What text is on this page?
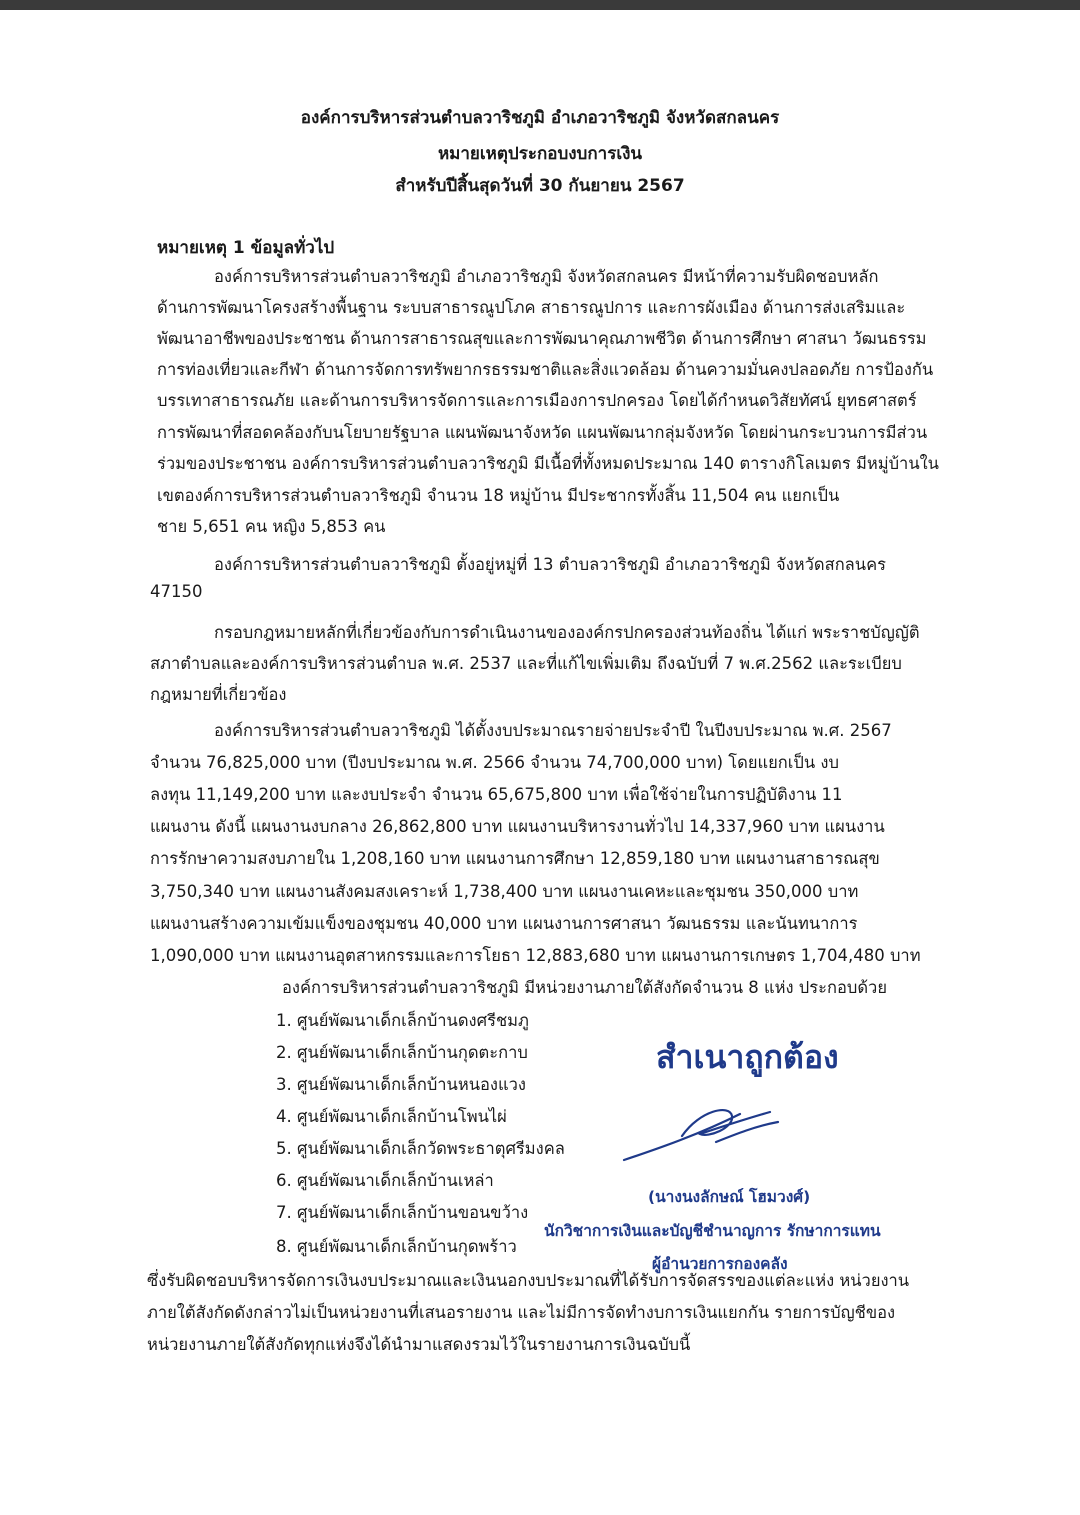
องค์การบริหารส่วนตำบลวาริชภูมิ อำเภอวาริชภูมิ จังหวัดสกลนคร
หมายเหตุประกอบงบการเงิน
สำหรับปีสิ้นสุดวันที่ 30 กันยายน 2567
หมายเหตุ 1 ข้อมูลทั่วไป
องค์การบริหารส่วนตำบลวาริชภูมิ อำเภอวาริชภูมิ จังหวัดสกลนคร มีหน้าที่ความรับผิดชอบหลัก
ด้านการพัฒนาโครงสร้างพื้นฐาน ระบบสาธารณูปโภค สาธารณูปการ และการผังเมือง ด้านการส่งเสริมและ
พัฒนาอาชีพของประชาชน ด้านการสาธารณสุขและการพัฒนาคุณภาพชีวิต ด้านการศึกษา ศาสนา วัฒนธรรม
การท่องเที่ยวและกีฬา ด้านการจัดการทรัพยากรธรรมชาติและสิ่งแวดล้อม ด้านความมั่นคงปลอดภัย การป้องกัน
บรรเทาสาธารณภัย และด้านการบริหารจัดการและการเมืองการปกครอง โดยได้กำหนดวิสัยทัศน์ ยุทธศาสตร์
การพัฒนาที่สอดคล้องกับนโยบายรัฐบาล แผนพัฒนาจังหวัด แผนพัฒนากลุ่มจังหวัด โดยผ่านกระบวนการมีส่วน
ร่วมของประชาชน องค์การบริหารส่วนตำบลวาริชภูมิ มีเนื้อที่ทั้งหมดประมาณ 140 ตารางกิโลเมตร มีหมู่บ้านใน
เขตองค์การบริหารส่วนตำบลวาริชภูมิ จำนวน 18 หมู่บ้าน มีประชากรทั้งสิ้น 11,504 คน แยกเป็น
ชาย 5,651 คน หญิง 5,853 คน
องค์การบริหารส่วนตำบลวาริชภูมิ ตั้งอยู่หมู่ที่ 13 ตำบลวาริชภูมิ อำเภอวาริชภูมิ จังหวัดสกลนคร
47150
กรอบกฎหมายหลักที่เกี่ยวข้องกับการดำเนินงานขององค์กรปกครองส่วนท้องถิ่น ได้แก่ พระราชบัญญัติ
สภาตำบลและองค์การบริหารส่วนตำบล พ.ศ. 2537 และที่แก้ไขเพิ่มเติม ถึงฉบับที่ 7 พ.ศ.2562 และระเบียบ
กฎหมายที่เกี่ยวข้อง
องค์การบริหารส่วนตำบลวาริชภูมิ ได้ตั้งงบประมาณรายจ่ายประจำปี ในปีงบประมาณ พ.ศ. 2567
จำนวน 76,825,000 บาท (ปีงบประมาณ พ.ศ. 2566 จำนวน 74,700,000 บาท) โดยแยกเป็น งบ
ลงทุน 11,149,200 บาท และงบประจำ จำนวน 65,675,800 บาท เพื่อใช้จ่ายในการปฏิบัติงาน 11
แผนงาน ดังนี้ แผนงานงบกลาง 26,862,800 บาท แผนงานบริหารงานทั่วไป 14,337,960 บาท แผนงาน
การรักษาความสงบภายใน 1,208,160 บาท แผนงานการศึกษา 12,859,180 บาท แผนงานสาธารณสุข
3,750,340 บาท แผนงานสังคมสงเคราะห์ 1,738,400 บาท แผนงานเคหะและชุมชน 350,000 บาท
แผนงานสร้างความเข้มแข็งของชุมชน 40,000 บาท แผนงานการศาสนา วัฒนธรรม และนันทนาการ
1,090,000 บาท แผนงานอุตสาหกรรมและการโยธา 12,883,680 บาท แผนงานการเกษตร 1,704,480 บาท
องค์การบริหารส่วนตำบลวาริชภูมิ มีหน่วยงานภายใต้สังกัดจำนวน 8 แห่ง ประกอบด้วย
1. ศูนย์พัฒนาเด็กเล็กบ้านดงศรีชมภู
2. ศูนย์พัฒนาเด็กเล็กบ้านกุดตะกาบ
3. ศูนย์พัฒนาเด็กเล็กบ้านหนองแวง
4. ศูนย์พัฒนาเด็กเล็กบ้านโพนไผ่
5. ศูนย์พัฒนาเด็กเล็กวัดพระธาตุศรีมงคล
6. ศูนย์พัฒนาเด็กเล็กบ้านเหล่า
7. ศูนย์พัฒนาเด็กเล็กบ้านขอนขว้าง
8. ศูนย์พัฒนาเด็กเล็กบ้านกุดพร้าว
สำเนาถูกต้อง
(นางนงลักษณ์ โฮมวงศ์)
นักวิชาการเงินและบัญชีชำนาญการ รักษาการแทน
ผู้อำนวยการกองคลัง
ซึ่งรับผิดชอบบริหารจัดการเงินงบประมาณและเงินนอกงบประมาณที่ได้รับการจัดสรรของแต่ละแห่ง หน่วยงาน
ภายใต้สังกัดดังกล่าวไม่เป็นหน่วยงานที่เสนอรายงาน และไม่มีการจัดทำงบการเงินแยกกัน รายการบัญชีของ
หน่วยงานภายใต้สังกัดทุกแห่งจึงได้นำมาแสดงรวมไว้ในรายงานการเงินฉบับนี้
